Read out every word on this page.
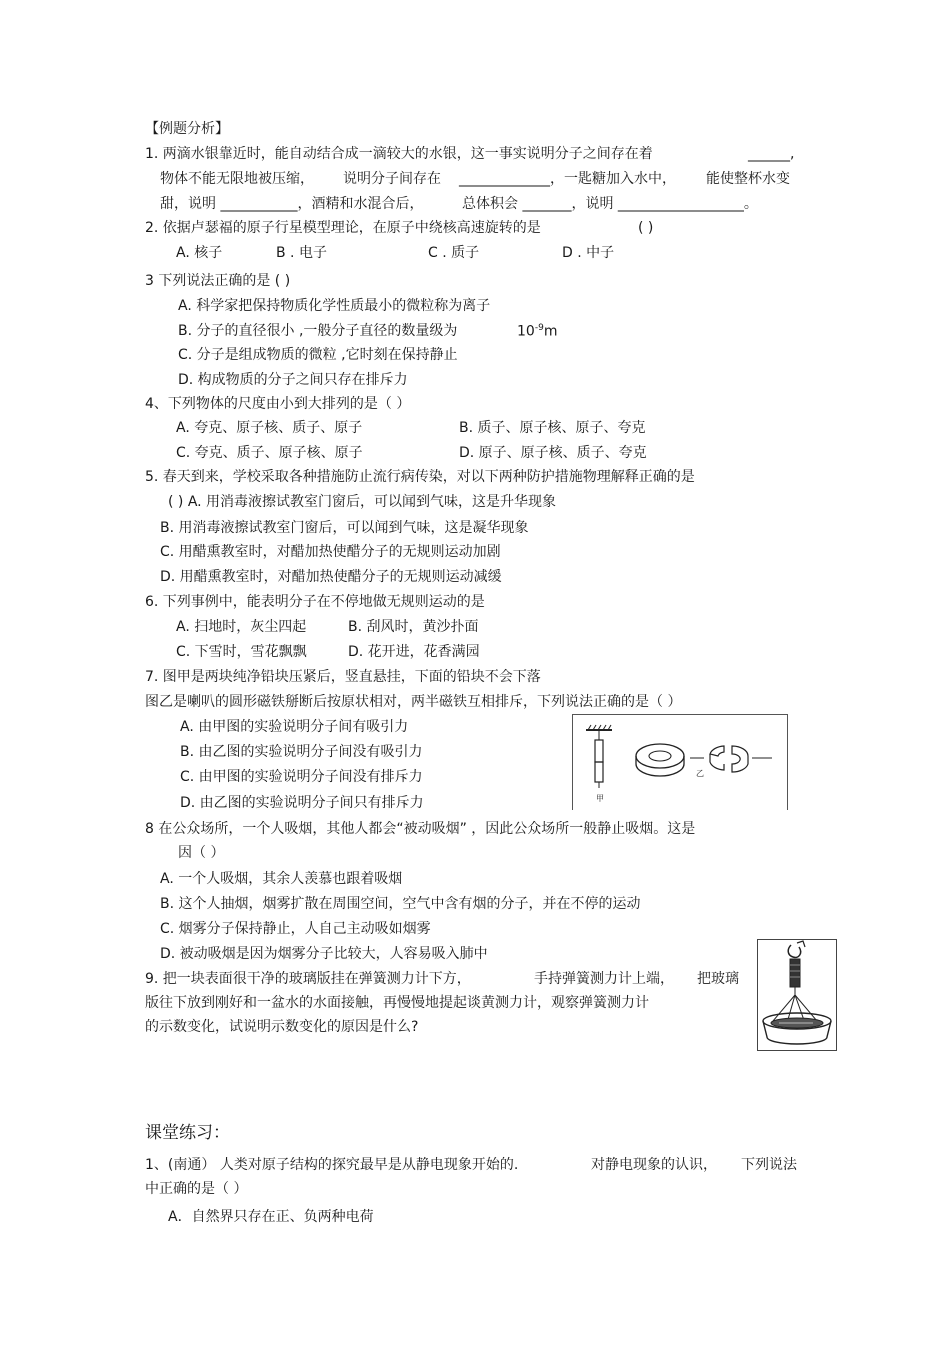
【例题分析】
1. 两滴水银靠近时，能自动结合成一滴较大的水银，这一事实说明分子之间存在着	______,
物体不能无限地被压缩， 说明分子间存在 _____________，一匙糖加入水中， 能使整杯水变
甜，说明 ___________，酒精和水混合后，	总体积会 _______，说明 __________________。
2. 依据卢瑟福的原子行星模型理论，在原子中绕核高速旋转的是	( )
A. 核子	B . 电子	C . 质子	D . 中子
3 下列说法正确的是 ( )
A. 科学家把保持物质化学性质最小的微粒称为离子
B. 分子的直径很小 ,一般分子直径的数量级为	$10^{-9}m$
C. 分子是组成物质的微粒 ,它时刻在保持静止
D. 构成物质的分子之间只存在排斥力
4、下列物体的尺度由小到大排列的是（ ）
A. 夸克、原子核、质子、原子	B. 质子、原子核、原子、夸克
C. 夸克、质子、原子核、原子	D. 原子、原子核、质子、夸克
5. 春天到来，学校采取各种措施防止流行病传染，对以下两种防护措施物理解释正确的是
( ) A. 用消毒液擦试教室门窗后，可以闻到气味，这是升华现象
B. 用消毒液擦试教室门窗后，可以闻到气味，这是凝华现象
C. 用醋熏教室时，对醋加热使醋分子的无规则运动加剧
D. 用醋熏教室时，对醋加热使醋分子的无规则运动减缓
6. 下列事例中，能表明分子在不停地做无规则运动的是
A. 扫地时，灰尘四起	B. 刮风时，黄沙扑面
C. 下雪时，雪花飘飘	D. 花开进，花香满园
7. 图甲是两块纯净铅块压紧后，竖直悬挂，下面的铅块不会下落
图乙是喇叭的圆形磁铁掰断后按原状相对，两半磁铁互相排斥，下列说法正确的是（ ）
A. 由甲图的实验说明分子间有吸引力
B. 由乙图的实验说明分子间没有吸引力
C. 由甲图的实验说明分子间没有排斥力
D. 由乙图的实验说明分子间只有排斥力	甲
乙
8 在公众场所，一个人吸烟，其他人都会“被动吸烟” ，因此公众场所一般静止吸烟。这是
因（ ）
A. 一个人吸烟，其余人羡慕也跟着吸烟
B. 这个人抽烟，烟雾扩散在周围空间，空气中含有烟的分子，并在不停的运动
C. 烟雾分子保持静止，人自己主动吸如烟雾
D. 被动吸烟是因为烟雾分子比较大，人容易吸入肺中
9. 把一块表面很干净的玻璃版挂在弹簧测力计下方，	手持弹簧测力计上端， 把玻璃
版往下放到刚好和一盆水的水面接触，再慢慢地提起谈黄测力计，观察弹簧测力计
的示数变化，试说明示数变化的原因是什么?
课堂练习：
1、(南通） 人类对原子结构的探究最早是从静电现象开始的.	对静电现象的认识， 下列说法
中正确的是（ ）
A．自然界只存在正、负两种电荷
